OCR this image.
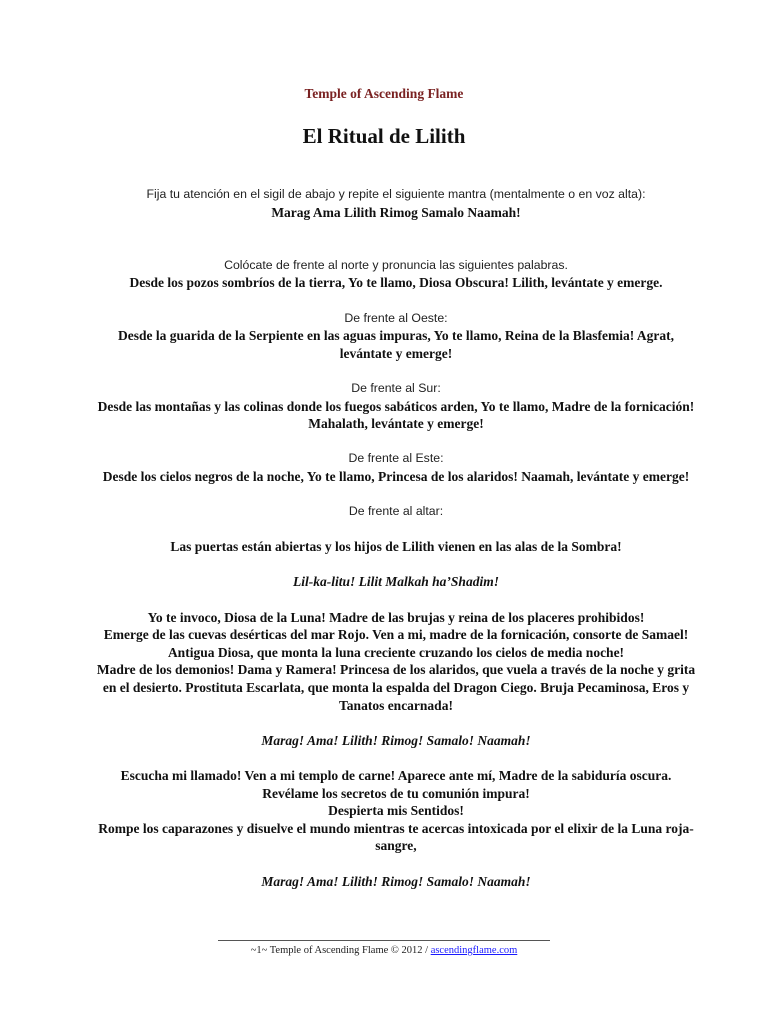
Temple of Ascending Flame
El Ritual de Lilith

Fija tu atención en el sigil de abajo y repite el siguiente mantra (mentalmente o en voz alta):

Marag Ama Lilith Rimog Samalo Naamah!

Colócate de frente al norte y pronuncia las siguientes palabras.

Desde los pozos sombríos de la tierra, Yo te llamo, Diosa Obscura! Lilith, levántate y emerge.

De frente al Oeste:

Desde la guarida de la Serpiente en las aguas impuras, Yo te llamo, Reina de la Blasfemia! Agrat, levántate y emerge!

De frente al Sur:

Desde las montañas y las colinas donde los fuegos sabáticos arden, Yo te llamo, Madre de la fornicación! Mahalath, levántate y emerge!

De frente al Este:

Desde los cielos negros de la noche, Yo te llamo, Princesa de los alaridos! Naamah, levántate y emerge!

De frente al altar:

Las puertas están abiertas y los hijos de Lilith vienen en las alas de la Sombra!

Lil-ka-litu! Lilit Malkah ha’Shadim!

Yo te invoco, Diosa de la Luna! Madre de las brujas y reina de los placeres prohibidos!

Emerge de las cuevas desérticas del mar Rojo. Ven a mi, madre de la fornicación, consorte de Samael!

Antigua Diosa, que monta la luna creciente cruzando los cielos de media noche!

Madre de los demonios! Dama y Ramera! Princesa de los alaridos, que vuela a través de la noche y grita en el desierto. Prostituta Escarlata, que monta la espalda del Dragon Ciego. Bruja Pecaminosa, Eros y Tanatos encarnada!

Marag! Ama! Lilith! Rimog! Samalo! Naamah!

Escucha mi llamado! Ven a mi templo de carne! Aparece ante mí, Madre de la sabiduría oscura.

Revélame los secretos de tu comunión impura!

Despierta mis Sentidos!

Rompe los caparazones y disuelve el mundo mientras te acercas intoxicada por el elixir de la Luna roja-sangre,

Marag! Ama! Lilith! Rimog! Samalo! Naamah!

~1~ Temple of Ascending Flame © 2012 / ascendingflame.com
